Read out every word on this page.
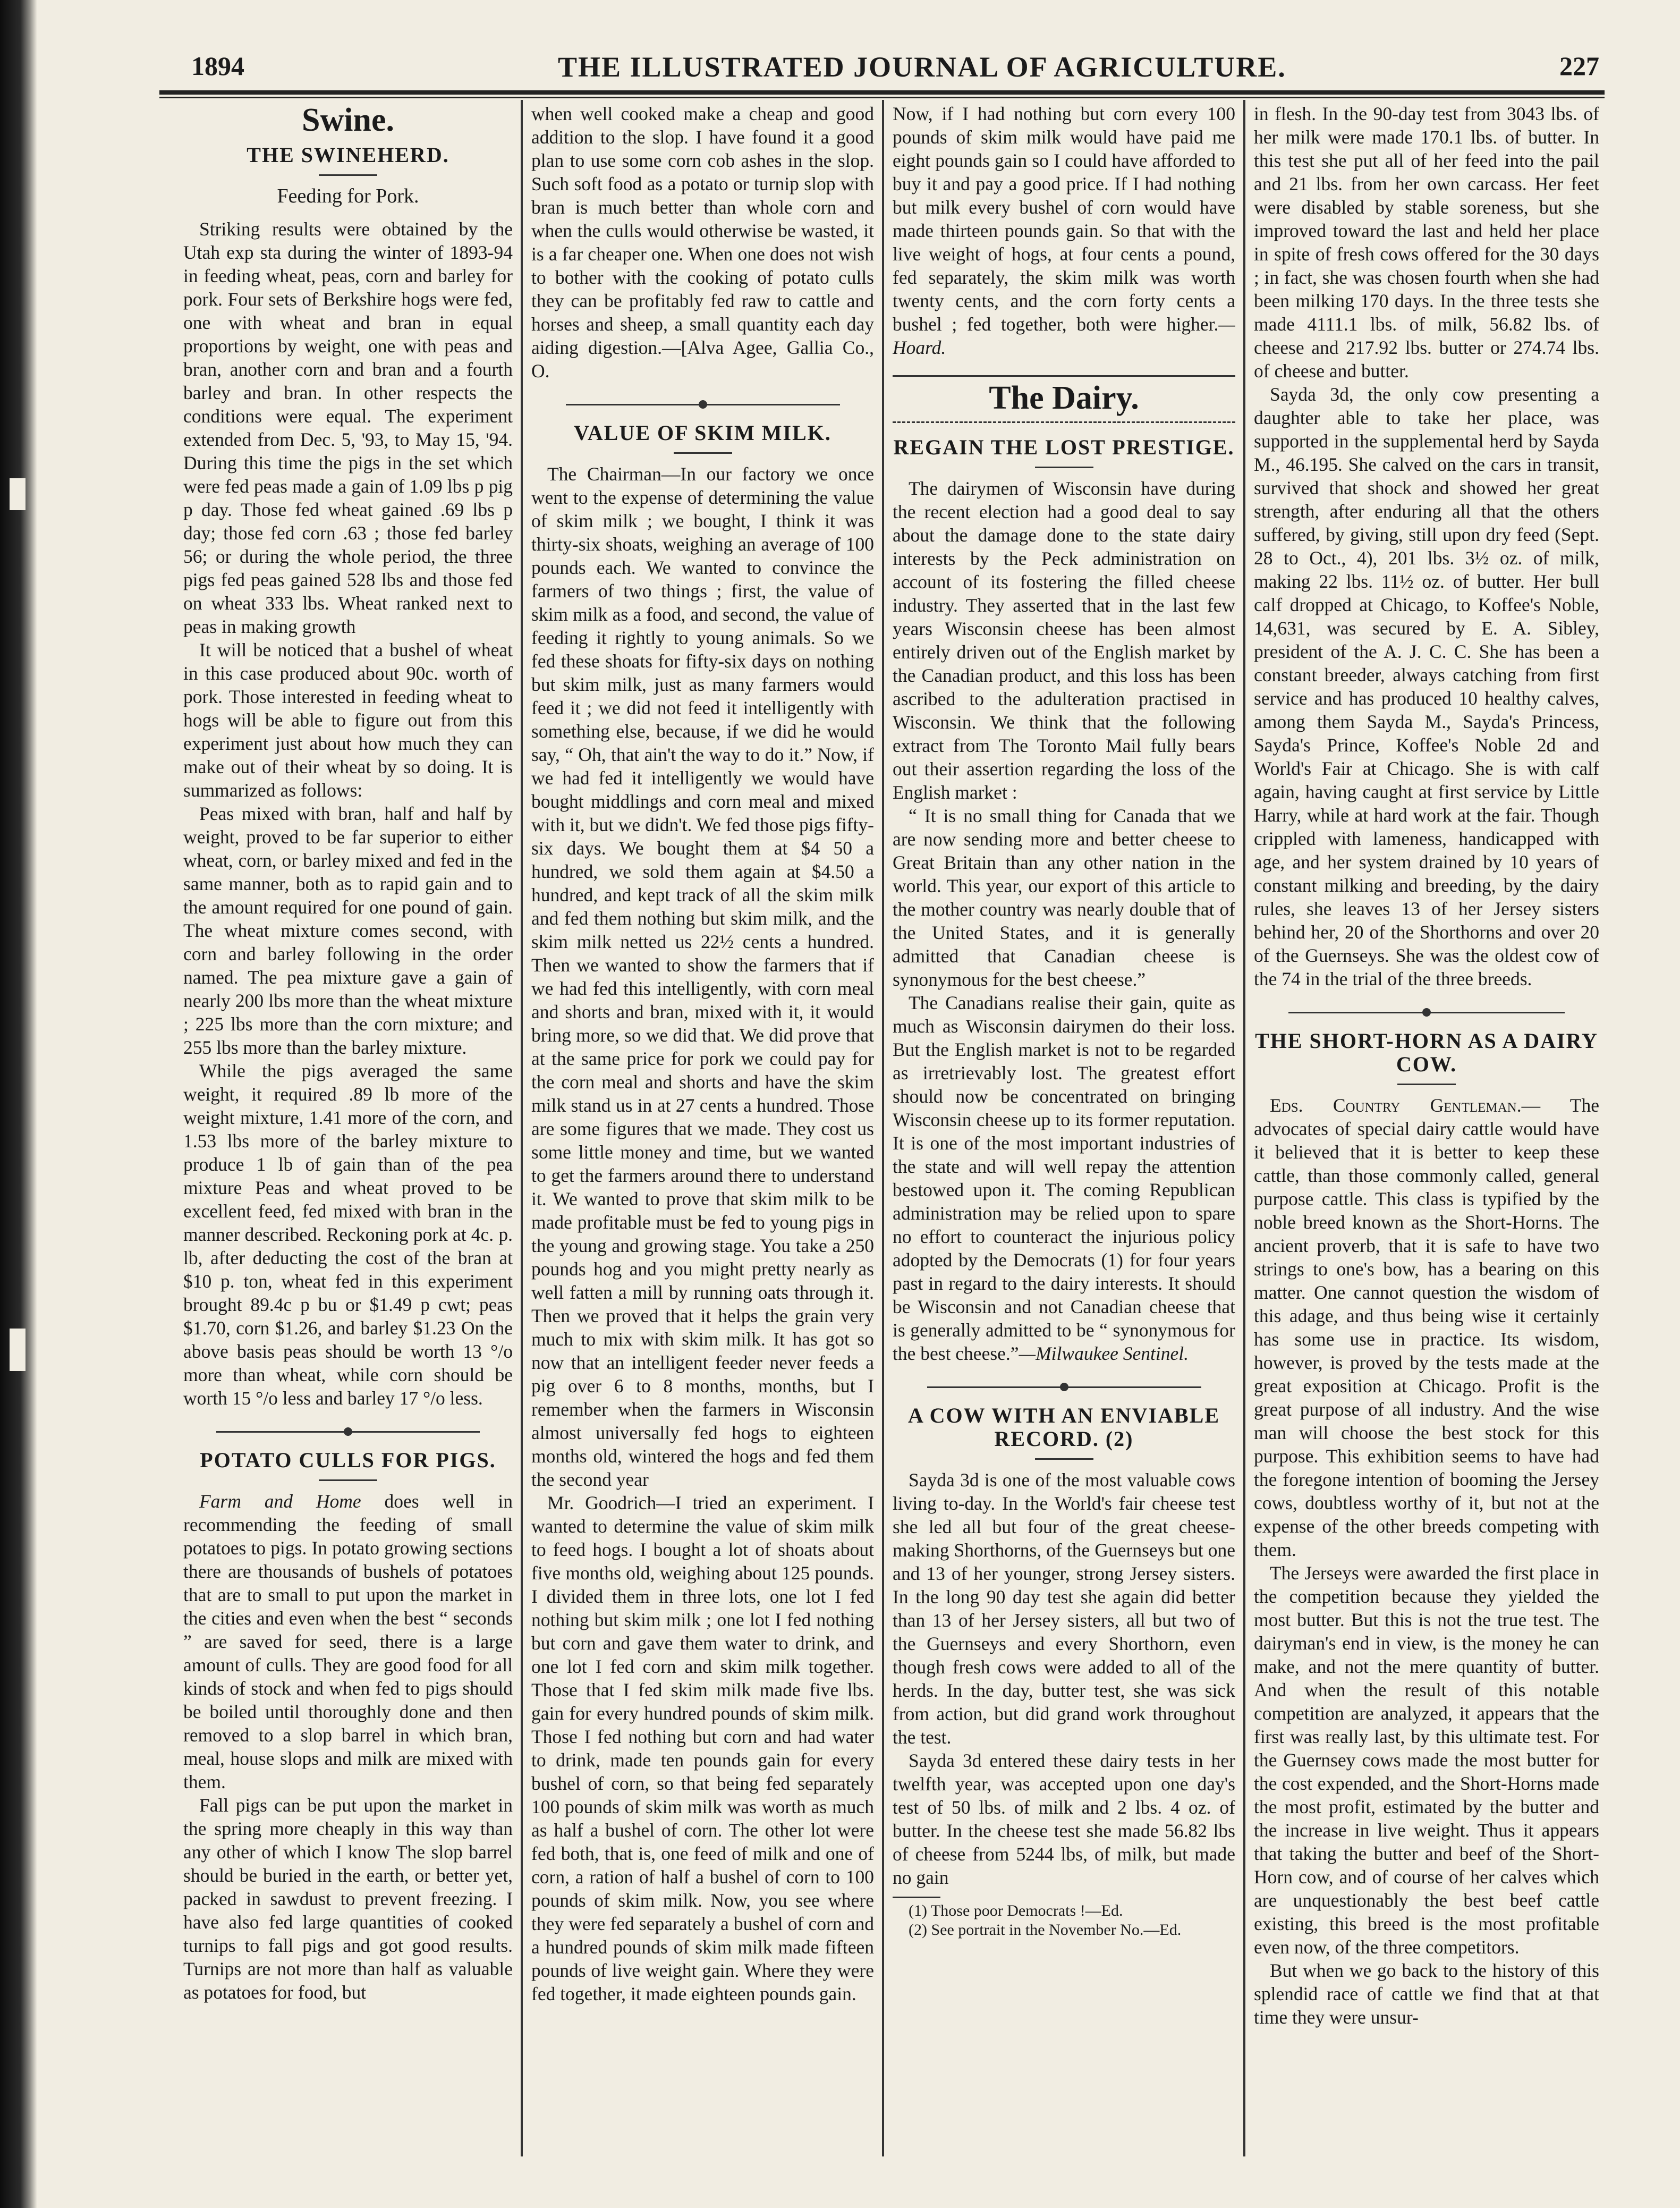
1894	THE ILLUSTRATED JOURNAL OF AGRICULTURE.	227
Swine.
THE SWINEHERD.
Feeding for Pork.

Striking results were obtained by the Utah exp sta during the winter of 1893-94 in feeding wheat, peas, corn and barley for pork. Four sets of Berkshire hogs were fed, one with wheat and bran in equal proportions by weight, one with peas and bran, another corn and bran and a fourth barley and bran. In other respects the conditions were equal. The experiment extended from Dec. 5, '93, to May 15, '94. During this time the pigs in the set which were fed peas made a gain of 1.09 lbs p pig p day. Those fed wheat gained .69 lbs p day; those fed corn .63 ; those fed barley 56; or during the whole period, the three pigs fed peas gained 528 lbs and those fed on wheat 333 lbs. Wheat ranked next to peas in making growth

It will be noticed that a bushel of wheat in this case produced about 90c. worth of pork. Those interested in feeding wheat to hogs will be able to figure out from this experiment just about how much they can make out of their wheat by so doing. It is summarized as follows:

Peas mixed with bran, half and half by weight, proved to be far superior to either wheat, corn, or barley mixed and fed in the same manner, both as to rapid gain and to the amount required for one pound of gain. The wheat mixture comes second, with corn and barley following in the order named. The pea mixture gave a gain of nearly 200 lbs more than the wheat mixture ; 225 lbs more than the corn mixture; and 255 lbs more than the barley mixture.

While the pigs averaged the same weight, it required .89 lb more of the weight mixture, 1.41 more of the corn, and 1.53 lbs more of the barley mixture to produce 1 lb of gain than of the pea mixture Peas and wheat proved to be excellent feed, fed mixed with bran in the manner described. Reckoning pork at 4c. p. lb, after deducting the cost of the bran at $10 p. ton, wheat fed in this experiment brought 89.4c p bu or $1.49 p cwt; peas $1.70, corn $1.26, and barley $1.23 On the above basis peas should be worth 13 °/o more than wheat, while corn should be worth 15 °/o less and barley 17 °/o less.

POTATO CULLS FOR PIGS.

Farm and Home does well in recommending the feeding of small potatoes to pigs. In potato growing sections there are thousands of bushels of potatoes that are to small to put upon the market in the cities and even when the best “ seconds ” are saved for seed, there is a large amount of culls. They are good food for all kinds of stock and when fed to pigs should be boiled until thoroughly done and then removed to a slop barrel in which bran, meal, house slops and milk are mixed with them.

Fall pigs can be put upon the market in the spring more cheaply in this way than any other of which I know The slop barrel should be buried in the earth, or better yet, packed in sawdust to prevent freezing. I have also fed large quantities of cooked turnips to fall pigs and got good results. Turnips are not more than half as valuable as potatoes for food, but

when well cooked make a cheap and good addition to the slop. I have found it a good plan to use some corn cob ashes in the slop. Such soft food as a potato or turnip slop with bran is much better than whole corn and when the culls would otherwise be wasted, it is a far cheaper one. When one does not wish to bother with the cooking of potato culls they can be profitably fed raw to cattle and horses and sheep, a small quantity each day aiding digestion.—[Alva Agee, Gallia Co., O.

VALUE OF SKIM MILK.

The Chairman—In our factory we once went to the expense of determining the value of skim milk ; we bought, I think it was thirty-six shoats, weighing an average of 100 pounds each. We wanted to convince the farmers of two things ; first, the value of skim milk as a food, and second, the value of feeding it rightly to young animals. So we fed these shoats for fifty-six days on nothing but skim milk, just as many farmers would feed it ; we did not feed it intelligently with something else, because, if we did he would say, “ Oh, that ain't the way to do it.” Now, if we had fed it intelligently we would have bought middlings and corn meal and mixed with it, but we didn't. We fed those pigs fifty-six days. We bought them at $4 50 a hundred, we sold them again at $4.50 a hundred, and kept track of all the skim milk and fed them nothing but skim milk, and the skim milk netted us 22½ cents a hundred. Then we wanted to show the farmers that if we had fed this intelligently, with corn meal and shorts and bran, mixed with it, it would bring more, so we did that. We did prove that at the same price for pork we could pay for the corn meal and shorts and have the skim milk stand us in at 27 cents a hundred. Those are some figures that we made. They cost us some little money and time, but we wanted to get the farmers around there to understand it. We wanted to prove that skim milk to be made profitable must be fed to young pigs in the young and growing stage. You take a 250 pounds hog and you might pretty nearly as well fatten a mill by running oats through it. Then we proved that it helps the grain very much to mix with skim milk. It has got so now that an intelligent feeder never feeds a pig over 6 to 8 months, months, but I remember when the farmers in Wisconsin almost universally fed hogs to eighteen months old, wintered the hogs and fed them the second year

Mr. Goodrich—I tried an experiment. I wanted to determine the value of skim milk to feed hogs. I bought a lot of shoats about five months old, weighing about 125 pounds. I divided them in three lots, one lot I fed nothing but skim milk ; one lot I fed nothing but corn and gave them water to drink, and one lot I fed corn and skim milk together. Those that I fed skim milk made five lbs. gain for every hundred pounds of skim milk. Those I fed nothing but corn and had water to drink, made ten pounds gain for every bushel of corn, so that being fed separately 100 pounds of skim milk was worth as much as half a bushel of corn. The other lot were fed both, that is, one feed of milk and one of corn, a ration of half a bushel of corn to 100 pounds of skim milk. Now, you see where they were fed separately a bushel of corn and a hundred pounds of skim milk made fifteen pounds of live weight gain. Where they were fed together, it made eighteen pounds gain.

Now, if I had nothing but corn every 100 pounds of skim milk would have paid me eight pounds gain so I could have afforded to buy it and pay a good price. If I had nothing but milk every bushel of corn would have made thirteen pounds gain. So that with the live weight of hogs, at four cents a pound, fed separately, the skim milk was worth twenty cents, and the corn forty cents a bushel ; fed together, both were higher.—Hoard.

The Dairy.
REGAIN THE LOST PRESTIGE.

The dairymen of Wisconsin have during the recent election had a good deal to say about the damage done to the state dairy interests by the Peck administration on account of its fostering the filled cheese industry. They asserted that in the last few years Wisconsin cheese has been almost entirely driven out of the English market by the Canadian product, and this loss has been ascribed to the adulteration practised in Wisconsin. We think that the following extract from The Toronto Mail fully bears out their assertion regarding the loss of the English market :

“ It is no small thing for Canada that we are now sending more and better cheese to Great Britain than any other nation in the world. This year, our export of this article to the mother country was nearly double that of the United States, and it is generally admitted that Canadian cheese is synonymous for the best cheese.”

The Canadians realise their gain, quite as much as Wisconsin dairymen do their loss. But the English market is not to be regarded as irretrievably lost. The greatest effort should now be concentrated on bringing Wisconsin cheese up to its former reputation. It is one of the most important industries of the state and will well repay the attention bestowed upon it. The coming Republican administration may be relied upon to spare no effort to counteract the injurious policy adopted by the Democrats (1) for four years past in regard to the dairy interests. It should be Wisconsin and not Canadian cheese that is generally admitted to be “ synonymous for the best cheese.”—Milwaukee Sentinel.

A COW WITH AN ENVIABLE RECORD. (2)

Sayda 3d is one of the most valuable cows living to-day. In the World's fair cheese test she led all but four of the great cheese-making Shorthorns, of the Guernseys but one and 13 of her younger, strong Jersey sisters. In the long 90 day test she again did better than 13 of her Jersey sisters, all but two of the Guernseys and every Shorthorn, even though fresh cows were added to all of the herds. In the day, butter test, she was sick from action, but did grand work throughout the test.

Sayda 3d entered these dairy tests in her twelfth year, was accepted upon one day's test of 50 lbs. of milk and 2 lbs. 4 oz. of butter. In the cheese test she made 56.82 lbs of cheese from 5244 lbs, of milk, but made no gain

(1) Those poor Democrats !—Ed.

(2) See portrait in the November No.—Ed.

in flesh. In the 90-day test from 3043 lbs. of her milk were made 170.1 lbs. of butter. In this test she put all of her feed into the pail and 21 lbs. from her own carcass. Her feet were disabled by stable soreness, but she improved toward the last and held her place in spite of fresh cows offered for the 30 days ; in fact, she was chosen fourth when she had been milking 170 days. In the three tests she made 4111.1 lbs. of milk, 56.82 lbs. of cheese and 217.92 lbs. butter or 274.74 lbs. of cheese and butter.

Sayda 3d, the only cow presenting a daughter able to take her place, was supported in the supplemental herd by Sayda M., 46.195. She calved on the cars in transit, survived that shock and showed her great strength, after enduring all that the others suffered, by giving, still upon dry feed (Sept. 28 to Oct., 4), 201 lbs. 3½ oz. of milk, making 22 lbs. 11½ oz. of butter. Her bull calf dropped at Chicago, to Koffee's Noble, 14,631, was secured by E. A. Sibley, president of the A. J. C. C. She has been a constant breeder, always catching from first service and has produced 10 healthy calves, among them Sayda M., Sayda's Princess, Sayda's Prince, Koffee's Noble 2d and World's Fair at Chicago. She is with calf again, having caught at first service by Little Harry, while at hard work at the fair. Though crippled with lameness, handicapped with age, and her system drained by 10 years of constant milking and breeding, by the dairy rules, she leaves 13 of her Jersey sisters behind her, 20 of the Shorthorns and over 20 of the Guernseys. She was the oldest cow of the 74 in the trial of the three breeds.

THE SHORT-HORN AS A DAIRY COW.

Eds. Country Gentleman.— The advocates of special dairy cattle would have it believed that it is better to keep these cattle, than those commonly called, general purpose cattle. This class is typified by the noble breed known as the Short-Horns. The ancient proverb, that it is safe to have two strings to one's bow, has a bearing on this matter. One cannot question the wisdom of this adage, and thus being wise it certainly has some use in practice. Its wisdom, however, is proved by the tests made at the great exposition at Chicago. Profit is the great purpose of all industry. And the wise man will choose the best stock for this purpose. This exhibition seems to have had the foregone intention of booming the Jersey cows, doubtless worthy of it, but not at the expense of the other breeds competing with them.

The Jerseys were awarded the first place in the competition because they yielded the most butter. But this is not the true test. The dairyman's end in view, is the money he can make, and not the mere quantity of butter. And when the result of this notable competition are analyzed, it appears that the first was really last, by this ultimate test. For the Guernsey cows made the most butter for the cost expended, and the Short-Horns made the most profit, estimated by the butter and the increase in live weight. Thus it appears that taking the butter and beef of the Short-Horn cow, and of course of her calves which are unquestionably the best beef cattle existing, this breed is the most profitable even now, of the three competitors.

But when we go back to the history of this splendid race of cattle we find that at that time they were unsur-
